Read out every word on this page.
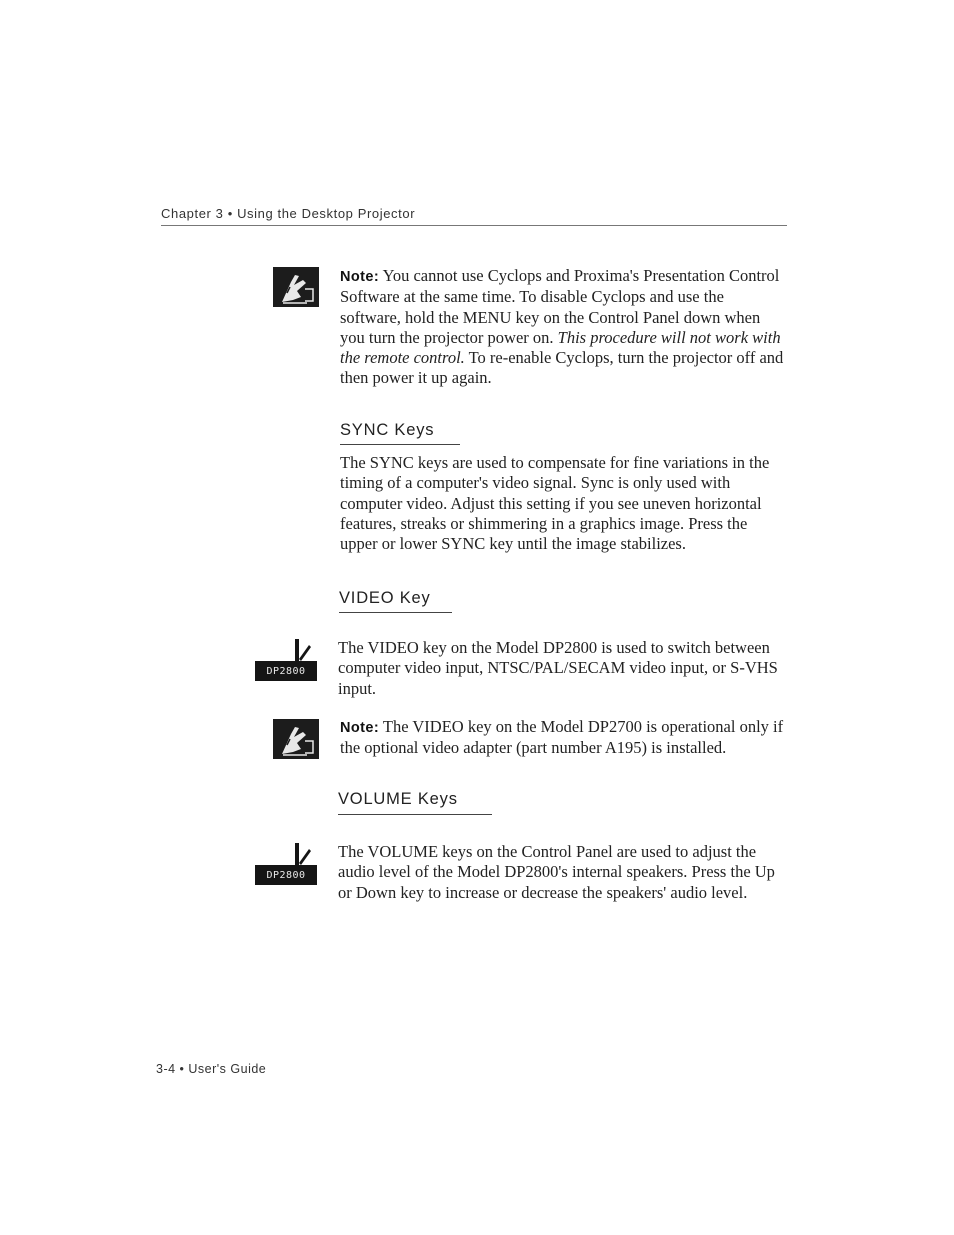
Chapter 3 • Using the Desktop Projector
Note: You cannot use Cyclops and Proxima's Presentation Control Software at the same time. To disable Cyclops and use the software, hold the MENU key on the Control Panel down when you turn the projector power on. This procedure will not work with the remote control. To re-enable Cyclops, turn the projector off and then power it up again.
SYNC Keys
The SYNC keys are used to compensate for fine variations in the timing of a computer's video signal. Sync is only used with computer video. Adjust this setting if you see uneven horizontal features, streaks or shimmering in a graphics image. Press the upper or lower SYNC key until the image stabilizes.
VIDEO Key
DP2800
The VIDEO key on the Model DP2800 is used to switch between computer video input, NTSC/PAL/SECAM video input, or S-VHS input.
Note: The VIDEO key on the Model DP2700 is operational only if the optional video adapter (part number A195) is installed.
VOLUME Keys
DP2800
The VOLUME keys on the Control Panel are used to adjust the audio level of the Model DP2800's internal speakers. Press the Up or Down key to increase or decrease the speakers' audio level.
3-4 • User's Guide
